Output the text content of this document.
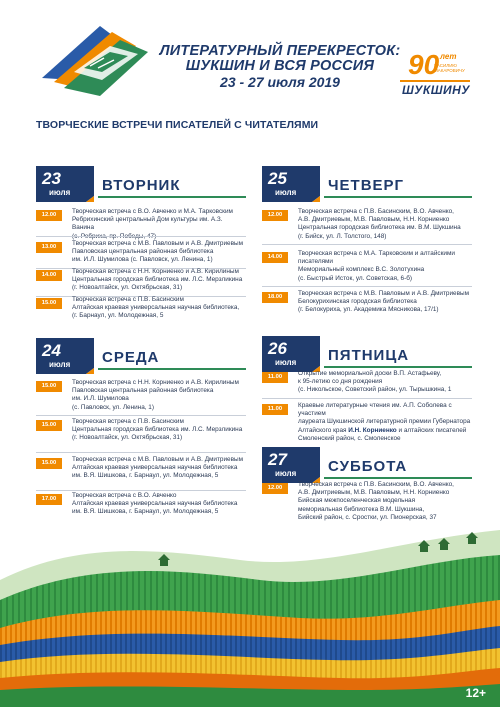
ЛИТЕРАТУРНЫЙ ПЕРЕКРЕСТОК:
ШУКШИН И ВСЯ РОССИЯ
23 - 27 июля 2019
90 лет
ВАСИЛИЮ МАКАРОВИЧУ
ШУКШИНУ
ТВОРЧЕСКИЕ ВСТРЕЧИ ПИСАТЕЛЕЙ С ЧИТАТЕЛЯМИ
23
июля ВТОРНИК
12.00	Творческая встреча с В.О. Авченко и М.А. Тарковским
Ребрихинский центральный Дом культуры им. А.З. Ванина
13.00	Творческая встреча с М.В. Павловым и А.В. Дмитриевым
Павловская центральная районная библиотека
им. И.Л. Шумилова (с. Павловск, ул. Ленина, 1)
14.00	Творческая встреча с Н.Н. Корниенко и А.В. Кирилиным
Центральная городская библиотека им. Л.С. Мерзликина
(г. Новоалтайск, ул. Октябрьская, 31)
15.00	Творческая встреча с П.В. Басинским
Алтайская краевая универсальная научная библиотека,
(г. Барнаул, ул. Молодежная, 5
24
июля СРЕДА
15.00	Творческая встреча с Н.Н. Корниенко и А.В. Кирилиным
Павловская центральная районная библиотека
им. И.Л. Шумилова
(с. Павловск, ул. Ленина, 1)
15.00	Творческая встреча с П.В. Басинским
Центральная городская библиотека им. Л.С. Мерзликина
(г. Новоалтайск, ул. Октябрьская, 31)
15.00	Творческая встреча с М.В. Павловым и А.В. Дмитриевым
Алтайская краевая универсальная научная библиотека
им. В.Я. Шишкова, г. Барнаул, ул. Молодежная, 5
17.00	Творческая встреча с В.О. Авченко
Алтайская краевая универсальная научная библиотека
им. В.Я. Шишкова, г. Барнаул, ул. Молодежная, 5
25
июля ЧЕТВЕРГ
12.00	Творческая встреча с П.В. Басинским, В.О. Авченко,
А.В. Дмитриевым, М.В. Павловым, Н.Н. Корниенко
Центральная городская библиотека им. В.М. Шукшина
(г. Бийск, ул. Л. Толстого, 148)
14.00	Творческая встреча с М.А. Тарковским и алтайскими
писателями
Мемориальный комплекс В.С. Золотухина
(с. Быстрый Исток, ул. Советская, 6-б)
18.00	Творческая встреча с М.В. Павловым и А.В. Дмитриевым
Белокурихинская городская библиотека
(г. Белокуриха, ул. Академика Мясникова, 17/1)
26
июля ПЯТНИЦА
11.00	Открытие мемориальной доски В.П. Астафьеву,
к 95-летию со дня рождения
(с. Никольское, Советский район, ул. Тырышкина, 1
11.00	Краевые литературные чтения им. А.П. Соболева с участием
лауреата Шукшинской литературной премии Губернатора
Алтайского края И.Н. Корниенко и алтайских писателей
Смоленский район, с. Смоленское
27
июля СУББОТА
12.00	Творческая встреча с П.В. Басинским, В.О. Авченко,
А.В. Дмитриевым, М.В. Павловым, Н.Н. Корниенко
Бийская межпоселенческая модельная
мемориальная библиотека В.М. Шукшина,
Бийский район, с. Сростки, ул. Пионерская, 37
12+
